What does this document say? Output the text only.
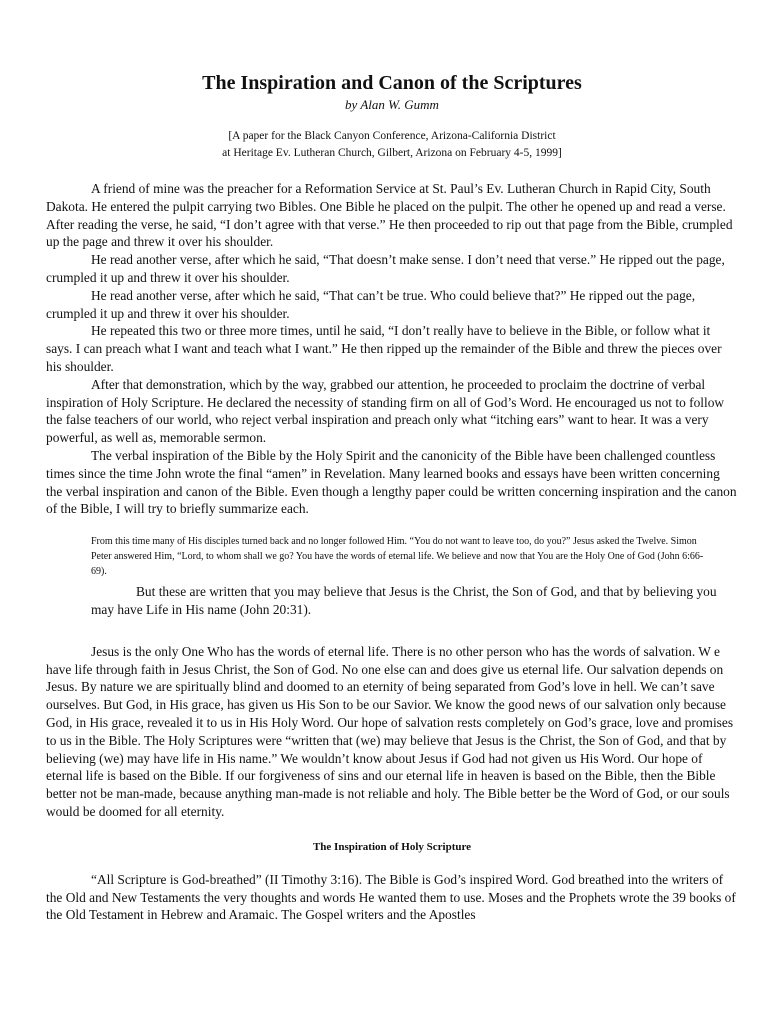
The Inspiration and Canon of the Scriptures
by Alan W. Gumm
[A paper for the Black Canyon Conference, Arizona-California District
at Heritage Ev. Lutheran Church, Gilbert, Arizona on February 4-5, 1999]

A friend of mine was the preacher for a Reformation Service at St. Paul’s Ev. Lutheran Church in Rapid City, South Dakota. He entered the pulpit carrying two Bibles. One Bible he placed on the pulpit. The other he opened up and read a verse. After reading the verse, he said, “I don’t agree with that verse.” He then proceeded to rip out that page from the Bible, crumpled up the page and threw it over his shoulder.

He read another verse, after which he said, “That doesn’t make sense. I don’t need that verse.” He ripped out the page, crumpled it up and threw it over his shoulder.

He read another verse, after which he said, “That can’t be true. Who could believe that?” He ripped out the page, crumpled it up and threw it over his shoulder.

He repeated this two or three more times, until he said, “I don’t really have to believe in the Bible, or follow what it says. I can preach what I want and teach what I want.” He then ripped up the remainder of the Bible and threw the pieces over his shoulder.

After that demonstration, which by the way, grabbed our attention, he proceeded to proclaim the doctrine of verbal inspiration of Holy Scripture. He declared the necessity of standing firm on all of God’s Word. He encouraged us not to follow the false teachers of our world, who reject verbal inspiration and preach only what “itching ears” want to hear. It was a very powerful, as well as, memorable sermon.

The verbal inspiration of the Bible by the Holy Spirit and the canonicity of the Bible have been challenged countless times since the time John wrote the final “amen” in Revelation. Many learned books and essays have been written concerning the verbal inspiration and canon of the Bible. Even though a lengthy paper could be written concerning inspiration and the canon of the Bible, I will try to briefly summarize each.

From this time many of His disciples turned back and no longer followed Him. “You do not want to leave too, do you?” Jesus asked the Twelve. Simon Peter answered Him, “Lord, to whom shall we go? You have the words of eternal life. We believe and now that You are the Holy One of God (John 6:66-69).
But these are written that you may believe that Jesus is the Christ, the Son of God, and that by believing you may have Life in His name (John 20:31).

Jesus is the only One Who has the words of eternal life. There is no other person who has the words of salvation. W e have life through faith in Jesus Christ, the Son of God. No one else can and does give us eternal life. Our salvation depends on Jesus. By nature we are spiritually blind and doomed to an eternity of being separated from God’s love in hell. We can’t save ourselves. But God, in His grace, has given us His Son to be our Savior. We know the good news of our salvation only because God, in His grace, revealed it to us in His Holy Word. Our hope of salvation rests completely on God’s grace, love and promises to us in the Bible. The Holy Scriptures were “written that (we) may believe that Jesus is the Christ, the Son of God, and that by believing (we) may have life in His name.” We wouldn’t know about Jesus if God had not given us His Word. Our hope of eternal life is based on the Bible. If our forgiveness of sins and our eternal life in heaven is based on the Bible, then the Bible better not be man-made, because anything man-made is not reliable and holy. The Bible better be the Word of God, or our souls would be doomed for all eternity.

The Inspiration of Holy Scripture

“All Scripture is God-breathed” (II Timothy 3:16). The Bible is God’s inspired Word. God breathed into the writers of the Old and New Testaments the very thoughts and words He wanted them to use. Moses and the Prophets wrote the 39 books of the Old Testament in Hebrew and Aramaic. The Gospel writers and the Apostles
